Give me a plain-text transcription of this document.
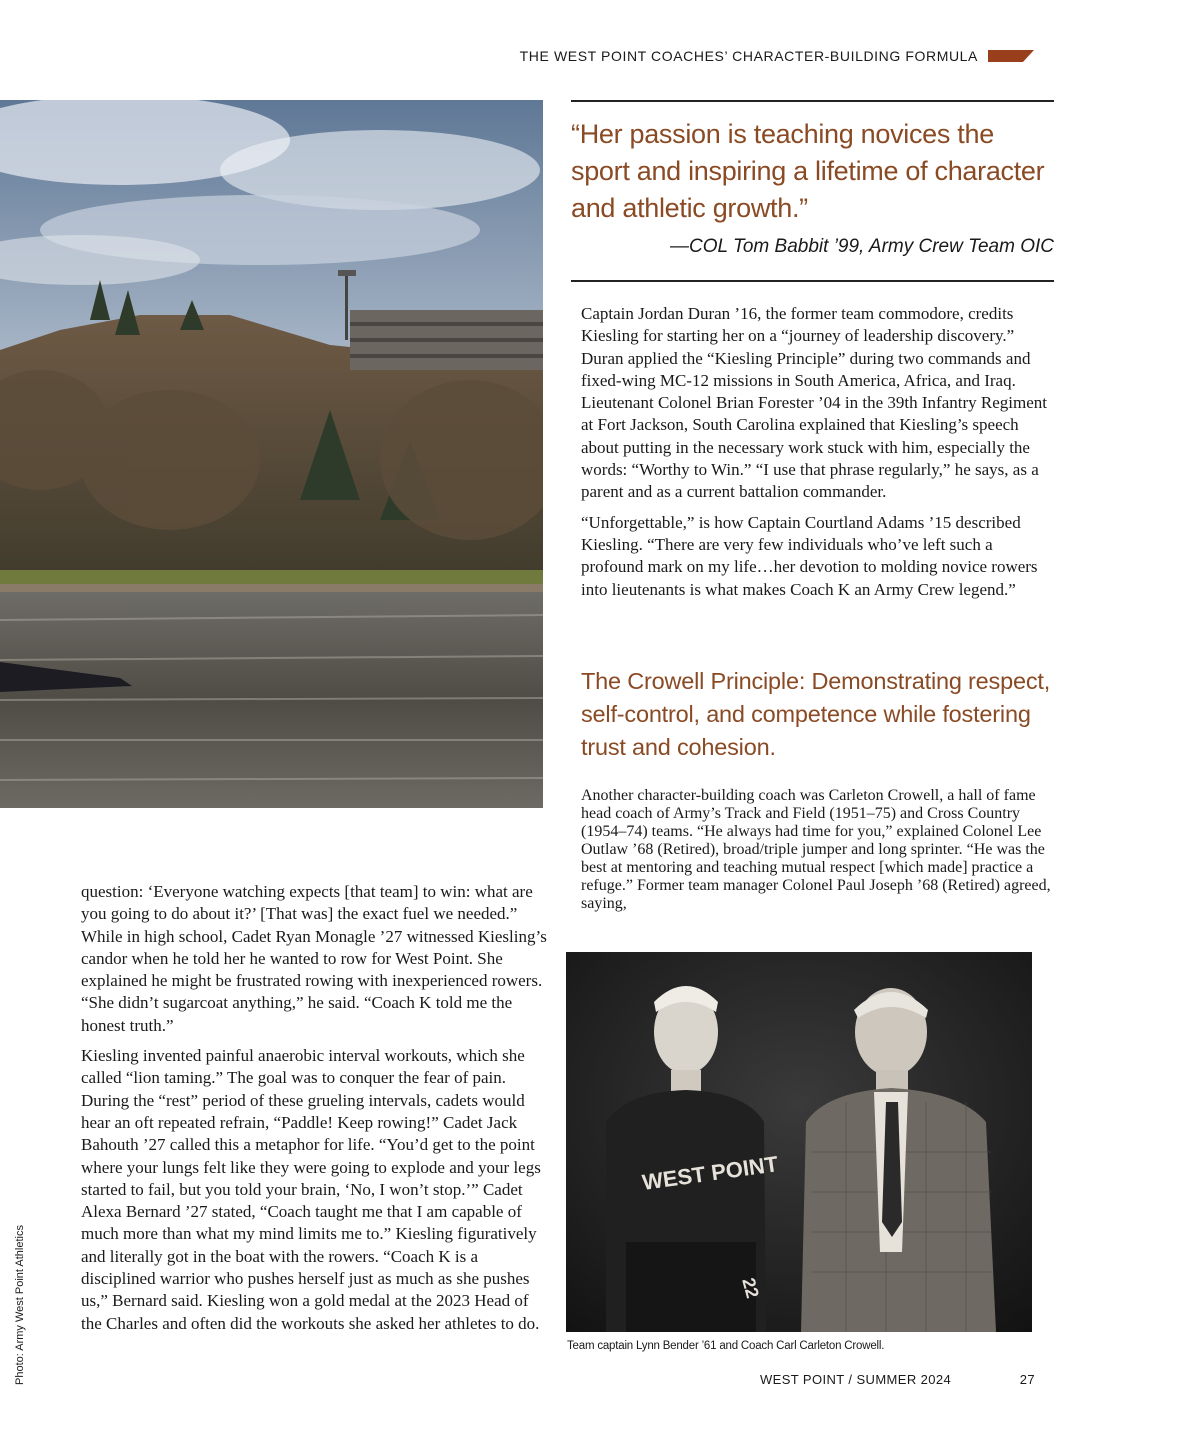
THE WEST POINT COACHES’ CHARACTER-BUILDING FORMULA
“Her passion is teaching novices the sport and inspiring a lifetime of character and athletic growth.”
—COL Tom Babbit ’99, Army Crew Team OIC

Captain Jordan Duran ’16, the former team commodore, credits Kiesling for starting her on a “journey of leadership discovery.” Duran applied the “Kiesling Principle” during two commands and fixed-wing MC-12 missions in South America, Africa, and Iraq. Lieutenant Colonel Brian Forester ’04 in the 39th Infantry Regiment at Fort Jackson, South Carolina explained that Kiesling’s speech about putting in the necessary work stuck with him, especially the words: “Worthy to Win.” “I use that phrase regularly,” he says, as a parent and as a current battalion commander.

“Unforgettable,” is how Captain Courtland Adams ’15 described Kiesling. “There are very few individuals who’ve left such a profound mark on my life…her devotion to molding novice rowers into lieutenants is what makes Coach K an Army Crew legend.”

The Crowell Principle: Demonstrating respect, self-control, and competence while fostering trust and cohesion.

Another character-building coach was Carleton Crowell, a hall of fame head coach of Army’s Track and Field (1951–75) and Cross Country (1954–74) teams. “He always had time for you,” explained Colonel Lee Outlaw ’68 (Retired), broad/triple jumper and long sprinter. “He was the best at mentoring and teaching mutual respect [which made] practice a refuge.” Former team manager Colonel Paul Joseph ’68 (Retired) agreed, saying,

question: ‘Everyone watching expects [that team] to win: what are you going to do about it?’ [That was] the exact fuel we needed.” While in high school, Cadet Ryan Monagle ’27 witnessed Kiesling’s candor when he told her he wanted to row for West Point. She explained he might be frustrated rowing with inexperienced rowers. “She didn’t sugarcoat anything,” he said. “Coach K told me the honest truth.”

Kiesling invented painful anaerobic interval workouts, which she called “lion taming.” The goal was to conquer the fear of pain. During the “rest” period of these grueling intervals, cadets would hear an oft repeated refrain, “Paddle! Keep rowing!” Cadet Jack Bahouth ’27 called this a metaphor for life. “You’d get to the point where your lungs felt like they were going to explode and your legs started to fail, but you told your brain, ‘No, I won’t stop.’” Cadet Alexa Bernard ’27 stated, “Coach taught me that I am capable of much more than what my mind limits me to.” Kiesling figuratively and literally got in the boat with the rowers. “Coach K is a disciplined warrior who pushes herself just as much as she pushes us,” Bernard said. Kiesling won a gold medal at the 2023 Head of the Charles and often did the workouts she asked her athletes to do.

WEST POINT
22
Team captain Lynn Bender ’61 and Coach Carl Carleton Crowell.
Photo: Army West Point Athletics	WEST POINT / SUMMER 2024	27
